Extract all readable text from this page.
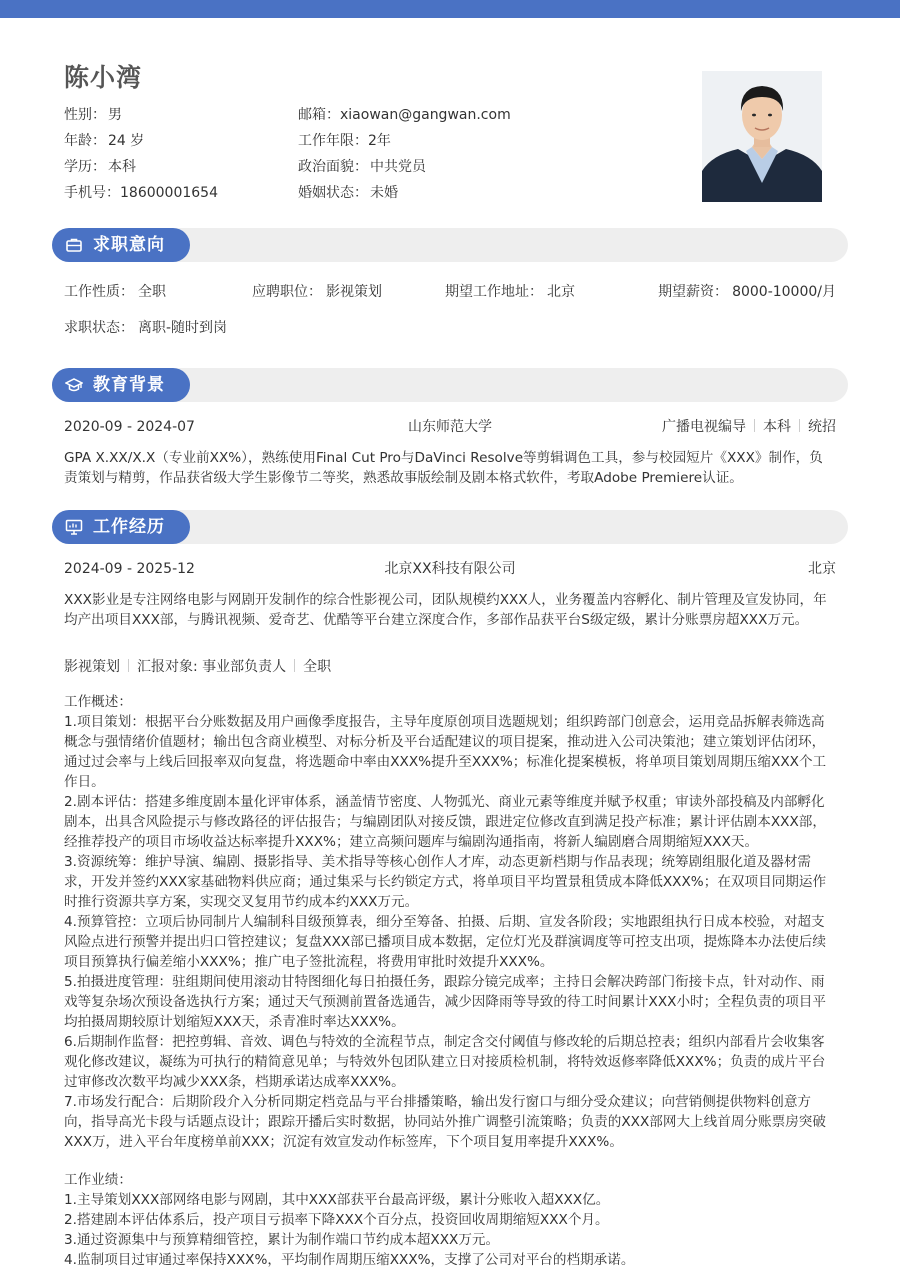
陈小湾
性别： 男	邮箱：xiaowan@gangwan.com
年龄： 24 岁	工作年限：2年
学历： 本科	政治面貌： 中共党员
手机号：18600001654	婚姻状态： 未婚
求职意向
工作性质： 全职	应聘职位： 影视策划	期望工作地址： 北京	期望薪资： 8000-10000/月
求职状态： 离职-随时到岗
教育背景
2020-09 - 2024-07	山东师范大学	广播电视编导 本科 统招
GPA X.XX/X.X（专业前XX%），熟练使用Final Cut Pro与DaVinci Resolve等剪辑调色工具，参与校园短片《XXX》制作，负责策划与精剪，作品获省级大学生影像节二等奖，熟悉故事版绘制及剧本格式软件，考取Adobe Premiere认证。
工作经历
2024-09 - 2025-12	北京XX科技有限公司	北京
XXX影业是专注网络电影与网剧开发制作的综合性影视公司，团队规模约XXX人，业务覆盖内容孵化、制片管理及宣发协同，年均产出项目XXX部，与腾讯视频、爱奇艺、优酷等平台建立深度合作，多部作品获平台S级定级，累计分账票房超XXX万元。
影视策划 汇报对象: 事业部负责人 全职

工作概述：

1.项目策划：根据平台分账数据及用户画像季度报告，主导年度原创项目选题规划；组织跨部门创意会，运用竞品拆解表筛选高概念与强情绪价值题材；输出包含商业模型、对标分析及平台适配建议的项目提案，推动进入公司决策池；建立策划评估闭环，通过过会率与上线后回报率双向复盘，将选题命中率由XXX%提升至XXX%；标准化提案模板，将单项目策划周期压缩XXX个工作日。

2.剧本评估：搭建多维度剧本量化评审体系，涵盖情节密度、人物弧光、商业元素等维度并赋予权重；审读外部投稿及内部孵化剧本，出具含风险提示与修改路径的评估报告；与编剧团队对接反馈，跟进定位修改直到满足投产标准；累计评估剧本XXX部，经推荐投产的项目市场收益达标率提升XXX%；建立高频问题库与编剧沟通指南，将新人编剧磨合周期缩短XXX天。

3.资源统筹：维护导演、编剧、摄影指导、美术指导等核心创作人才库，动态更新档期与作品表现；统筹剧组服化道及器材需求，开发并签约XXX家基础物料供应商；通过集采与长约锁定方式，将单项目平均置景租赁成本降低XXX%；在双项目同期运作时推行资源共享方案，实现交叉复用节约成本约XXX万元。

4.预算管控：立项后协同制片人编制科目级预算表，细分至筹备、拍摄、后期、宣发各阶段；实地跟组执行日成本校验，对超支风险点进行预警并提出归口管控建议；复盘XXX部已播项目成本数据，定位灯光及群演调度等可控支出项，提炼降本办法使后续项目预算执行偏差缩小XXX%；推广电子签批流程，将费用审批时效提升XXX%。

5.拍摄进度管理：驻组期间使用滚动甘特图细化每日拍摄任务，跟踪分镜完成率；主持日会解决跨部门衔接卡点，针对动作、雨戏等复杂场次预设备选执行方案；通过天气预测前置备选通告，减少因降雨等导致的待工时间累计XXX小时；全程负责的项目平均拍摄周期较原计划缩短XXX天，杀青准时率达XXX%。

6.后期制作监督：把控剪辑、音效、调色与特效的全流程节点，制定含交付阈值与修改轮的后期总控表；组织内部看片会收集客观化修改建议，凝练为可执行的精简意见单；与特效外包团队建立日对接质检机制，将特效返修率降低XXX%；负责的成片平台过审修改次数平均减少XXX条，档期承诺达成率XXX%。

7.市场发行配合：后期阶段介入分析同期定档竞品与平台排播策略，输出发行窗口与细分受众建议；向营销侧提供物料创意方向，指导高光卡段与话题点设计；跟踪开播后实时数据，协同站外推广调整引流策略；负责的XXX部网大上线首周分账票房突破XXX万，进入平台年度榜单前XXX；沉淀有效宣发动作标签库，下个项目复用率提升XXX%。

工作业绩：

1.主导策划XXX部网络电影与网剧，其中XXX部获平台最高评级，累计分账收入超XXX亿。

2.搭建剧本评估体系后，投产项目亏损率下降XXX个百分点，投资回收周期缩短XXX个月。

3.通过资源集中与预算精细管控，累计为制作端口节约成本超XXX万元。

4.监制项目过审通过率保持XXX%，平均制作周期压缩XXX%，支撑了公司对平台的档期承诺。
